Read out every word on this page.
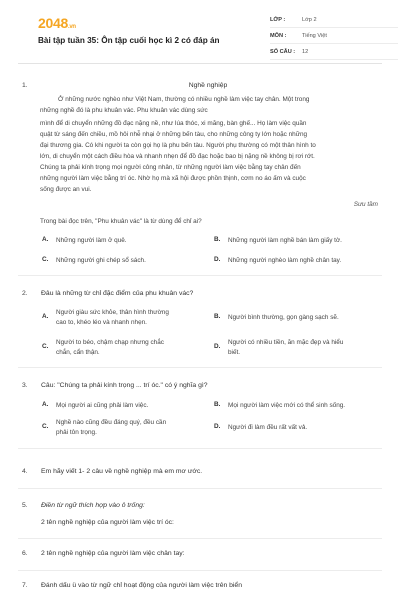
2048.vn
Bài tập tuần 35: Ôn tập cuối học kì 2 có đáp án
LỚP :	Lớp 2
MÔN :	Tiếng Việt
SỐ CÂU :	12
1.	Nghề nghiệp
Ở những nước nghèo như Việt Nam, thường có nhiều nghề làm việc tay chân. Một trong
những nghề đó là phu khuân vác. Phu khuân vác dùng sức
mình để di chuyển những đồ đạc nặng nề, như lúa thóc, xi măng, bàn ghế... Họ làm việc quần
quật từ sáng đến chiều, mồ hôi nhễ nhại ở những bến tàu, cho những công ty lớn hoặc những
đại thương gia. Có khi người ta còn gọi họ là phu bến tàu. Người phụ thường có một thân hình to
lớn, di chuyển một cách điều hòa và nhanh nhẹn để đồ đạc hoặc bao bị nặng nề không bị rơi rớt.
Chúng ta phải kính trọng mọi người công nhân, từ những người làm việc bằng tay chân đến
những người làm việc bằng trí óc. Nhờ họ mà xã hội được phồn thịnh, cơm no áo ấm và cuộc
sống được an vui.
Sưu tầm
Trong bài đọc trên, "Phu khuân vác" là từ dùng để chỉ ai?
A.	Những người làm ở quê.	B.	Những người làm nghề bán làm giấy tờ.
C.	Những người ghi chép sổ sách.	D.	Những người nghèo làm nghề chân tay.
2. Đâu là những từ chỉ đặc điểm của phu khuân vác?
A.
Người giàu sức khỏe, thân hình thường
cao to, khéo léo và nhanh nhẹn.
B.	Người bình thường, gọn gàng sạch sẽ.
C.
Người to béo, chậm chạp nhưng chắc
chắn, cẩn thận.
D.
Người có nhiều tiền, ăn mặc đẹp và hiểu
biết.
3. Câu: "Chúng ta phải kính trọng ... trí óc." có ý nghĩa gì?
A.	Mọi người ai cũng phải làm việc.	B.	Mọi người làm việc mới có thể sinh sống.
C.
Nghề nào cũng đều đáng quý, đều cần
phải tôn trọng.
D.	Người đi làm đều rất vất vả.
4. Em hãy viết 1- 2 câu về nghề nghiệp mà em mơ ước.
5. Điền từ ngữ thích hợp vào ô trống:
2 tên nghề nghiệp của người làm việc trí óc:
6. 2 tên nghề nghiệp của người làm việc chân tay:
7. Đánh dấu ü vào từ ngữ chỉ hoạt động của người làm việc trên biển
